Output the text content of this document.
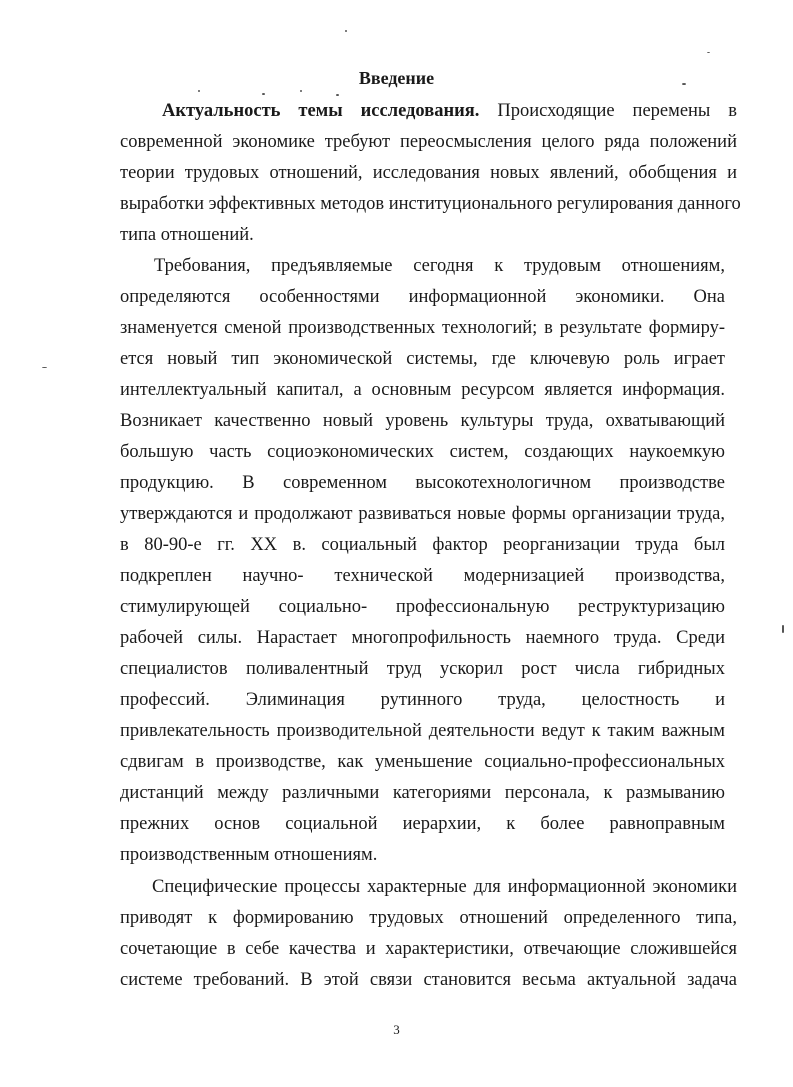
Введение
Актуальность темы исследования. Происходящие перемены в
современной экономике требуют переосмысления целого ряда положений
теории трудовых отношений, исследования новых явлений, обобщения и
выработки эффективных методов институционального регулирования данного
типа отношений.
Требования, предъявляемые сегодня к трудовым отношениям,
определяются особенностями информационной экономики. Она
знаменуется сменой производственных технологий; в результате формиру-
ется новый тип экономической системы, где ключевую роль играет
интеллектуальный капитал, а основным ресурсом является информация.
Возникает качественно новый уровень культуры труда, охватывающий
большую часть социоэкономических систем, создающих наукоемкую
продукцию. В современном высокотехнологичном производстве
утверждаются и продолжают развиваться новые формы организации труда,
в 80-90-е гг. XX в. социальный фактор реорганизации труда был
подкреплен научно- технической модернизацией производства,
стимулирующей социально- профессиональную реструктуризацию
рабочей силы. Нарастает многопрофильность наемного труда. Среди
специалистов поливалентный труд ускорил рост числа гибридных
профессий. Элиминация рутинного труда, целостность и
привлекательность производительной деятельности ведут к таким важным
сдвигам в производстве, как уменьшение социально-профессиональных
дистанций между различными категориями персонала, к размыванию
прежних основ социальной иерархии, к более равноправным
производственным отношениям.
Специфические процессы характерные для информационной экономики
приводят к формированию трудовых отношений определенного типа,
сочетающие в себе качества и характеристики, отвечающие сложившейся
системе требований. В этой связи становится весьма актуальной задача
3
